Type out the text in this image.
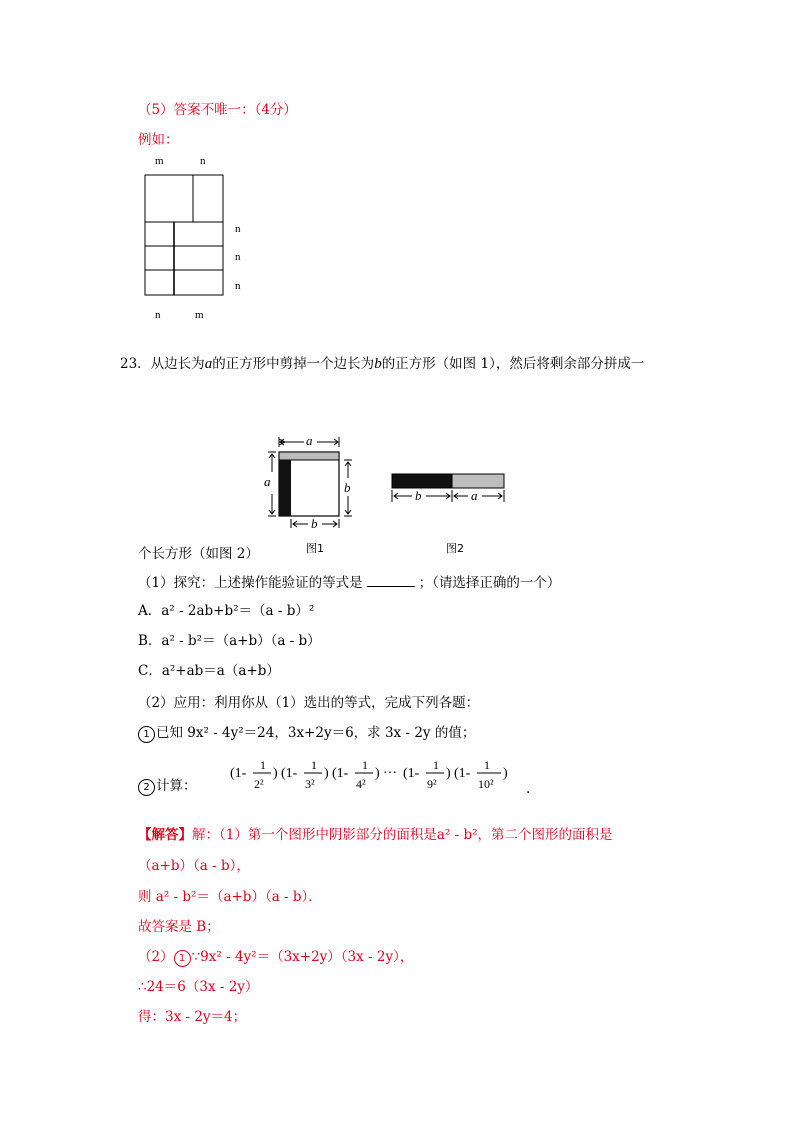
（5）答案不唯一：（4分）
例如：
m	n
n
n
n
n	m
23．从边长为a的正方形中剪掉一个边长为b的正方形（如图 1），然后将剩余部分拼成一
a
a	b
b
图1
b	a
图2
个长方形（如图 2）
（1）探究：上述操作能验证的等式是	；（请选择正确的一个）
A．a² - 2ab+b²＝（a - b）²
B．a² - b²＝（a+b）（a - b）
C．a²+ab＝a（a+b）
（2）应用：利用你从（1）选出的等式，完成下列各题：
1 已知 9x² - 4y²＝24，3x+2y＝6，求 3x - 2y 的值；
2 计算：
(1-
1
2²
) (1-
1
3²
) (1-
1
4²
) ··· (1-
1
9²
) (1-
1
10²
)
.
【解答】解：（1）第一个图形中阴影部分的面积是a² - b²，第二个图形的面积是
（a+b）（a - b），
则 a² - b²＝（a+b）（a - b）．
故答案是 B；
（2） 1 ∵9x² - 4y²＝（3x+2y）（3x - 2y），
∴24＝6（3x - 2y）
得：3x - 2y＝4；
